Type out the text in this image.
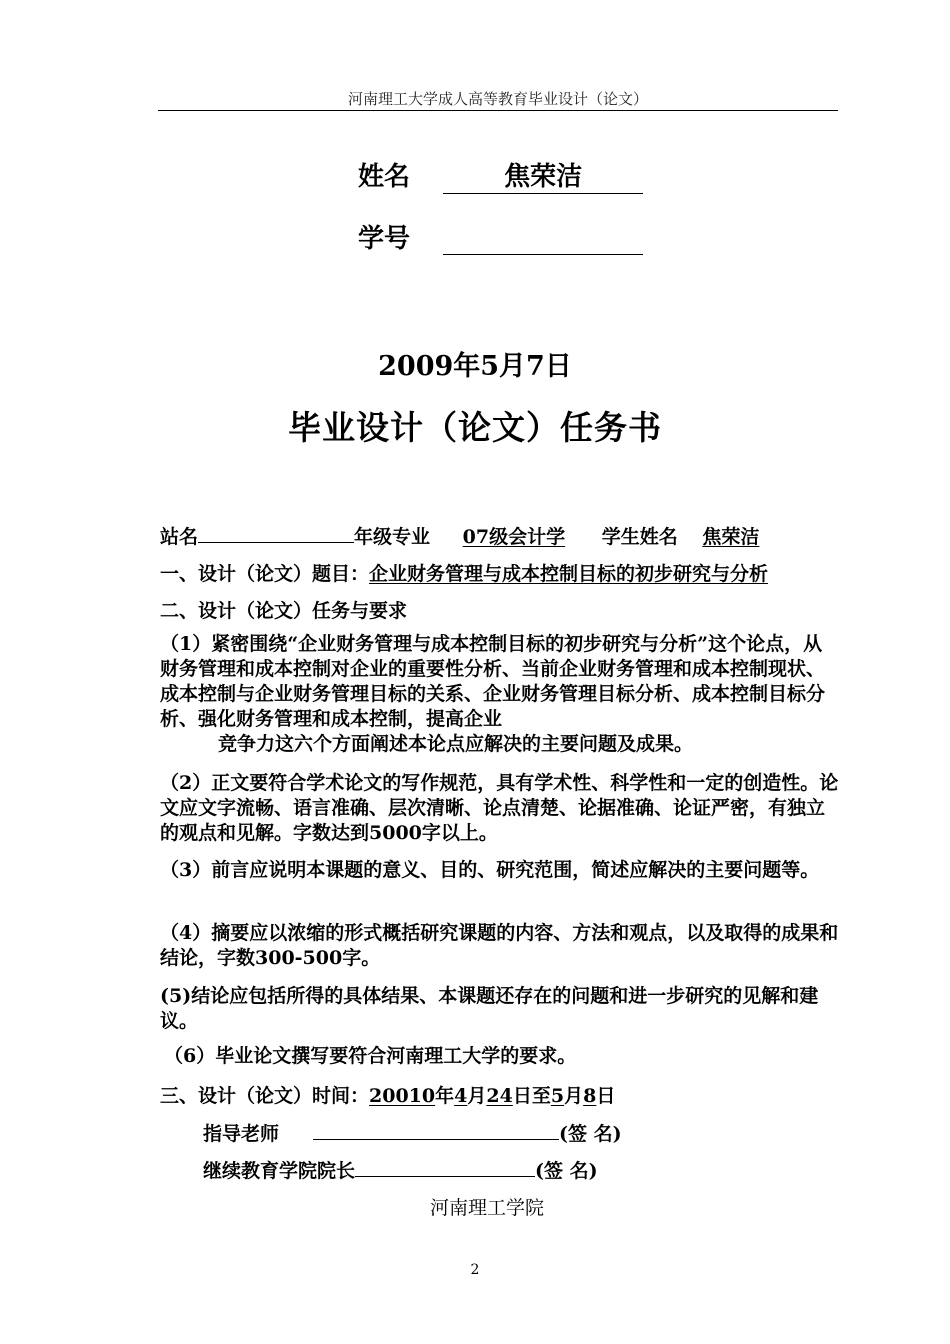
河南理工大学成人高等教育毕业设计（论文）
姓名	焦荣洁
学号
2009年5月7日
毕业设计（论文）任务书
站名	年级专业 07级会计学 学生姓名 焦荣洁
一、设计（论文）题目：企业财务管理与成本控制目标的初步研究与分析
二、设计（论文）任务与要求
（1）紧密围绕“企业财务管理与成本控制目标的初步研究与分析”这个论点，从财务管理和成本控制对企业的重要性分析、当前企业财务管理和成本控制现状、成本控制与企业财务管理目标的关系、企业财务管理目标分析、成本控制目标分析、强化财务管理和成本控制，提高企业
竞争力这六个方面阐述本论点应解决的主要问题及成果。
（2）正文要符合学术论文的写作规范，具有学术性、科学性和一定的创造性。论文应文字流畅、语言准确、层次清晰、论点清楚、论据准确、论证严密，有独立的观点和见解。字数达到5000字以上。
（3）前言应说明本课题的意义、目的、研究范围，简述应解决的主要问题等。
（4）摘要应以浓缩的形式概括研究课题的内容、方法和观点，以及取得的成果和结论，字数300-500字。
(5)结论应包括所得的具体结果、本课题还存在的问题和进一步研究的见解和建议。
（6）毕业论文撰写要符合河南理工大学的要求。
三、设计（论文）时间：20010年4月24日至5月8日
指导老师	(签 名)
继续教育学院院长	(签 名)
河南理工学院
2
